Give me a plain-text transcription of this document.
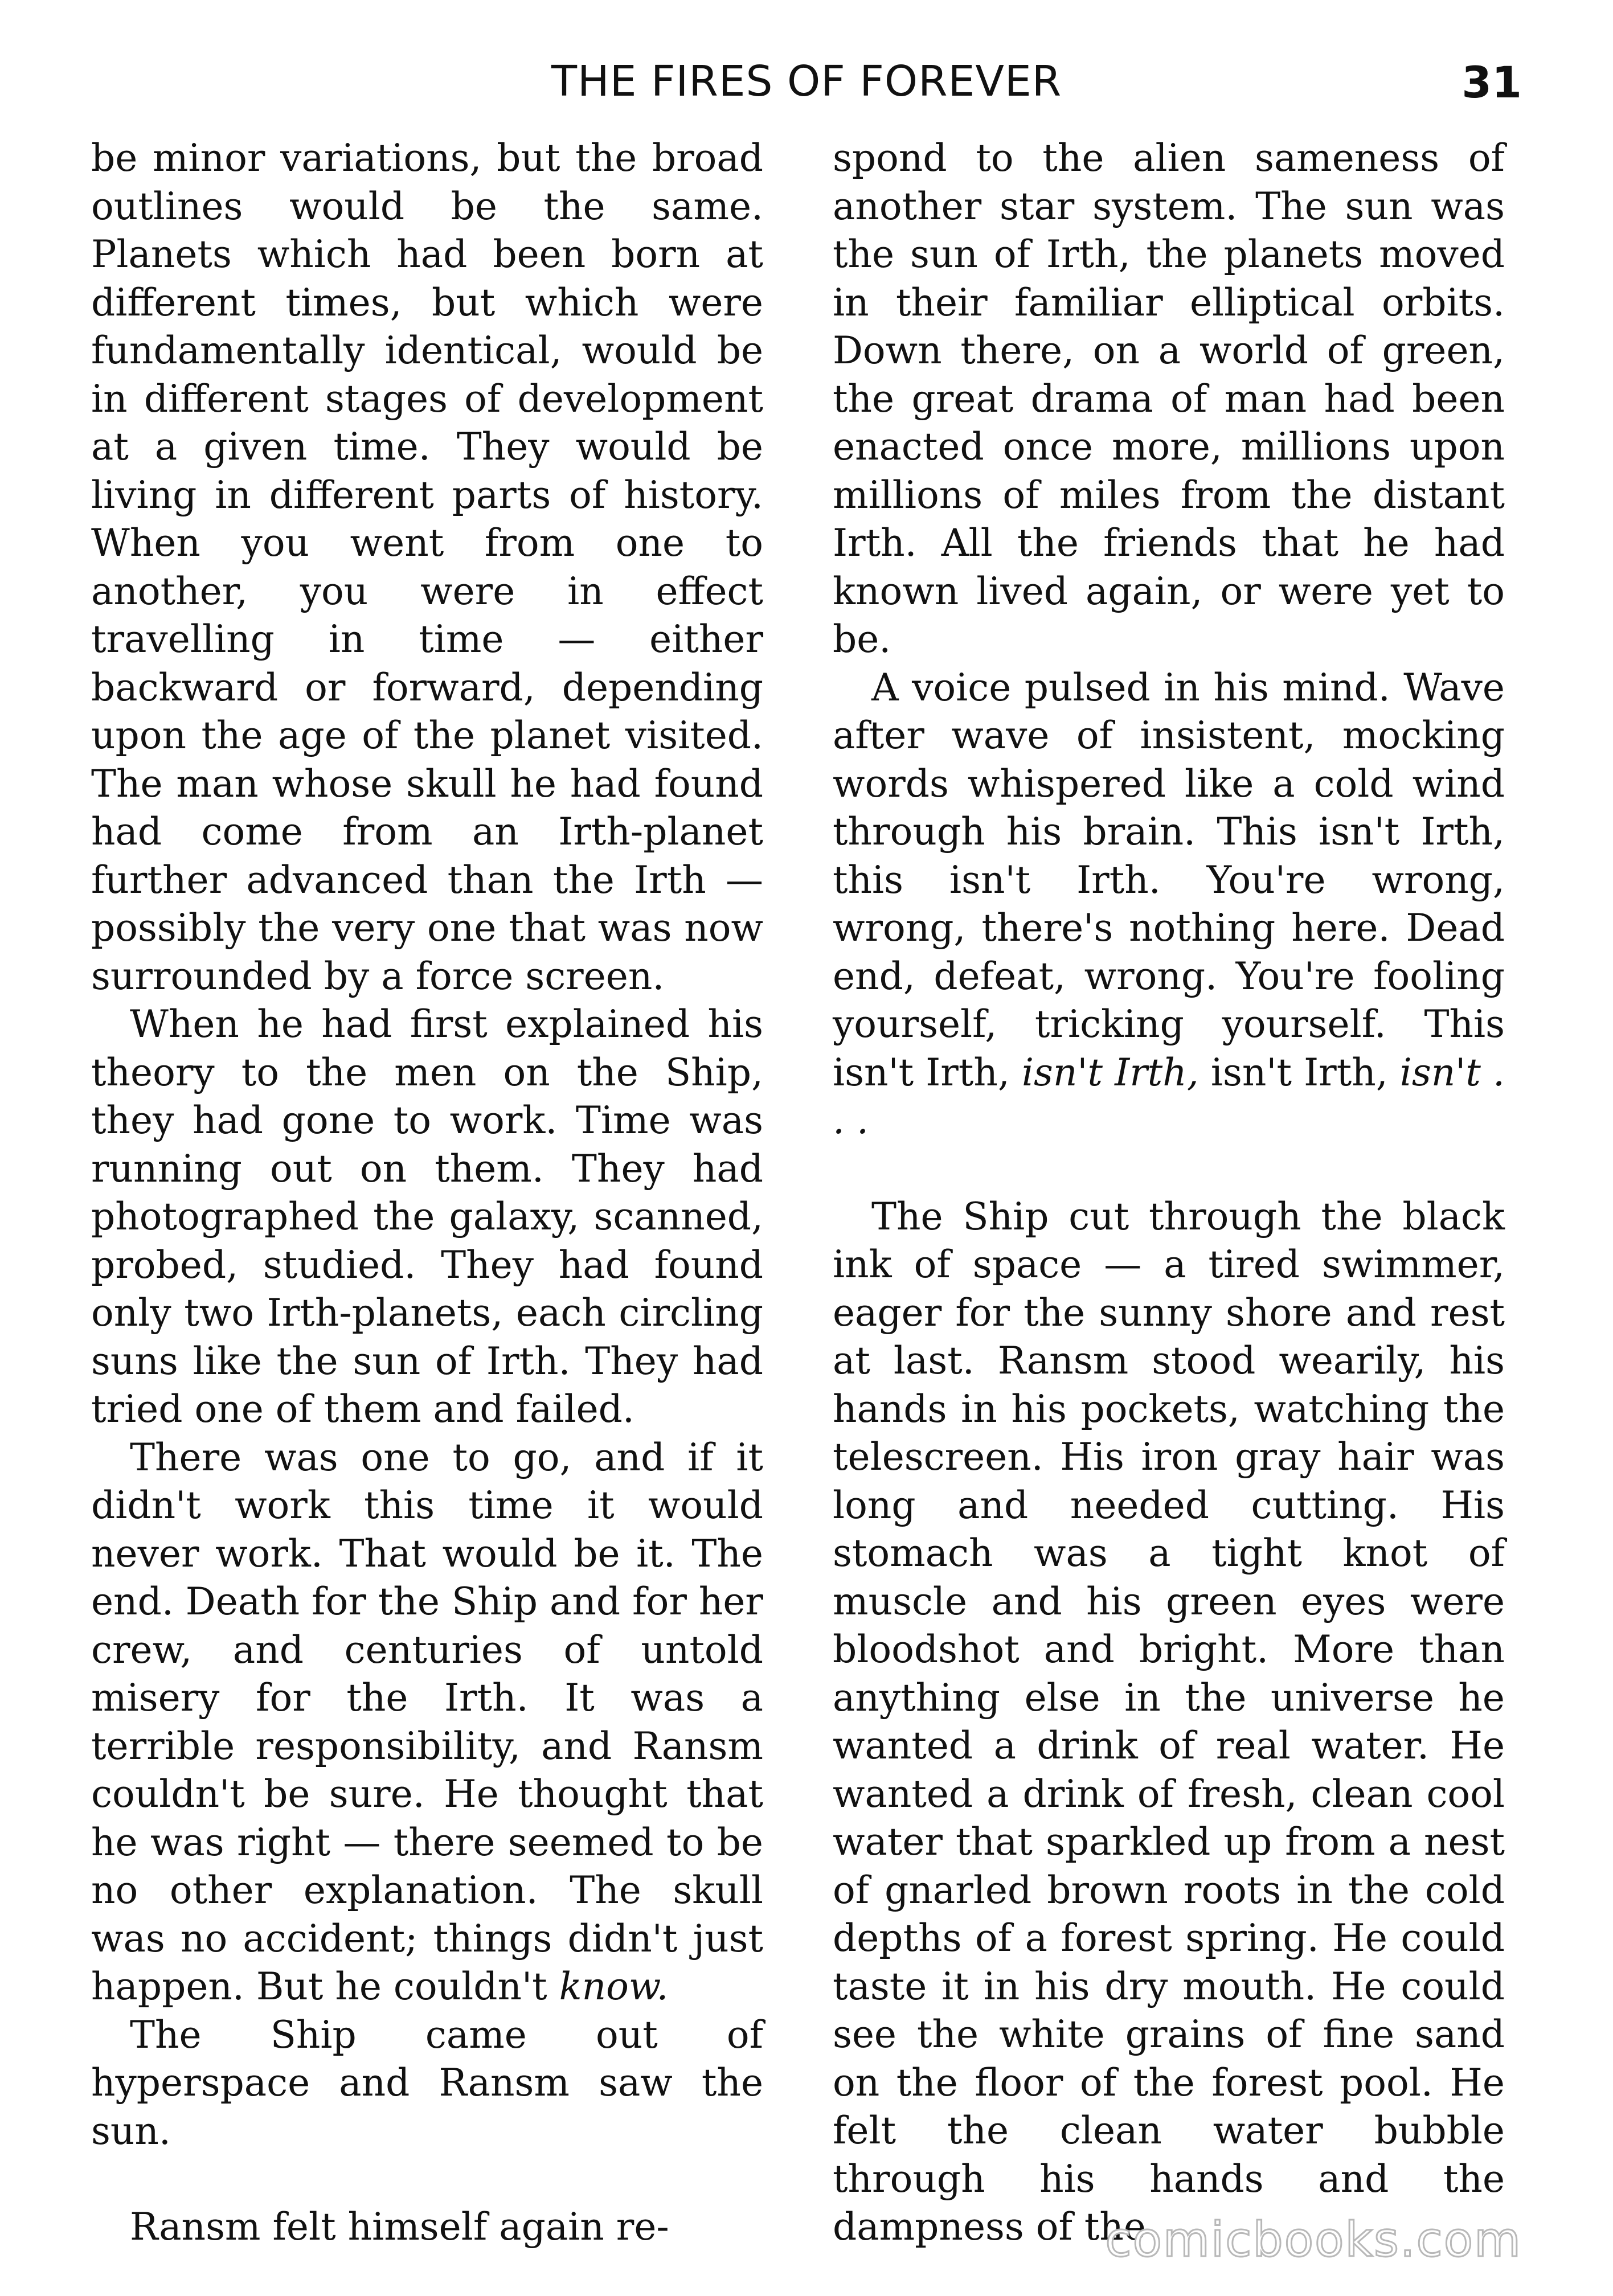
THE FIRES OF FOREVER	31

be minor variations, but the broad outlines would be the same. Planets which had been born at different times, but which were fundamentally identical, would be in different stages of development at a given time. They would be living in different parts of history. When you went from one to another, you were in effect travelling in time — either backward or forward, depending upon the age of the planet visited. The man whose skull he had found had come from an Irth-planet further advanced than the Irth — possibly the very one that was now surrounded by a force screen.

When he had first explained his theory to the men on the Ship, they had gone to work. Time was running out on them. They had photographed the galaxy, scanned, probed, studied. They had found only two Irth-planets, each circling suns like the sun of Irth. They had tried one of them and failed.

There was one to go, and if it didn't work this time it would never work. That would be it. The end. Death for the Ship and for her crew, and centuries of untold misery for the Irth. It was a terrible responsibility, and Ransm couldn't be sure. He thought that he was right — there seemed to be no other explanation. The skull was no accident; things didn't just happen. But he couldn't know.

The Ship came out of hyperspace and Ransm saw the sun.

Ransm felt himself again re-

spond to the alien sameness of another star system. The sun was the sun of Irth, the planets moved in their familiar elliptical orbits. Down there, on a world of green, the great drama of man had been enacted once more, millions upon millions of miles from the distant Irth. All the friends that he had known lived again, or were yet to be.

A voice pulsed in his mind. Wave after wave of insistent, mocking words whispered like a cold wind through his brain. This isn't Irth, this isn't Irth. You're wrong, wrong, there's nothing here. Dead end, defeat, wrong. You're fooling yourself, tricking yourself. This isn't Irth, isn't Irth, isn't Irth, isn't . . .

The Ship cut through the black ink of space — a tired swimmer, eager for the sunny shore and rest at last. Ransm stood wearily, his hands in his pockets, watching the telescreen. His iron gray hair was long and needed cutting. His stomach was a tight knot of muscle and his green eyes were bloodshot and bright. More than anything else in the universe he wanted a drink of real water. He wanted a drink of fresh, clean cool water that sparkled up from a nest of gnarled brown roots in the cold depths of a forest spring. He could taste it in his dry mouth. He could see the white grains of fine sand on the floor of the forest pool. He felt the clean water bubble through his hands and the dampness of the

comicbooks.com
